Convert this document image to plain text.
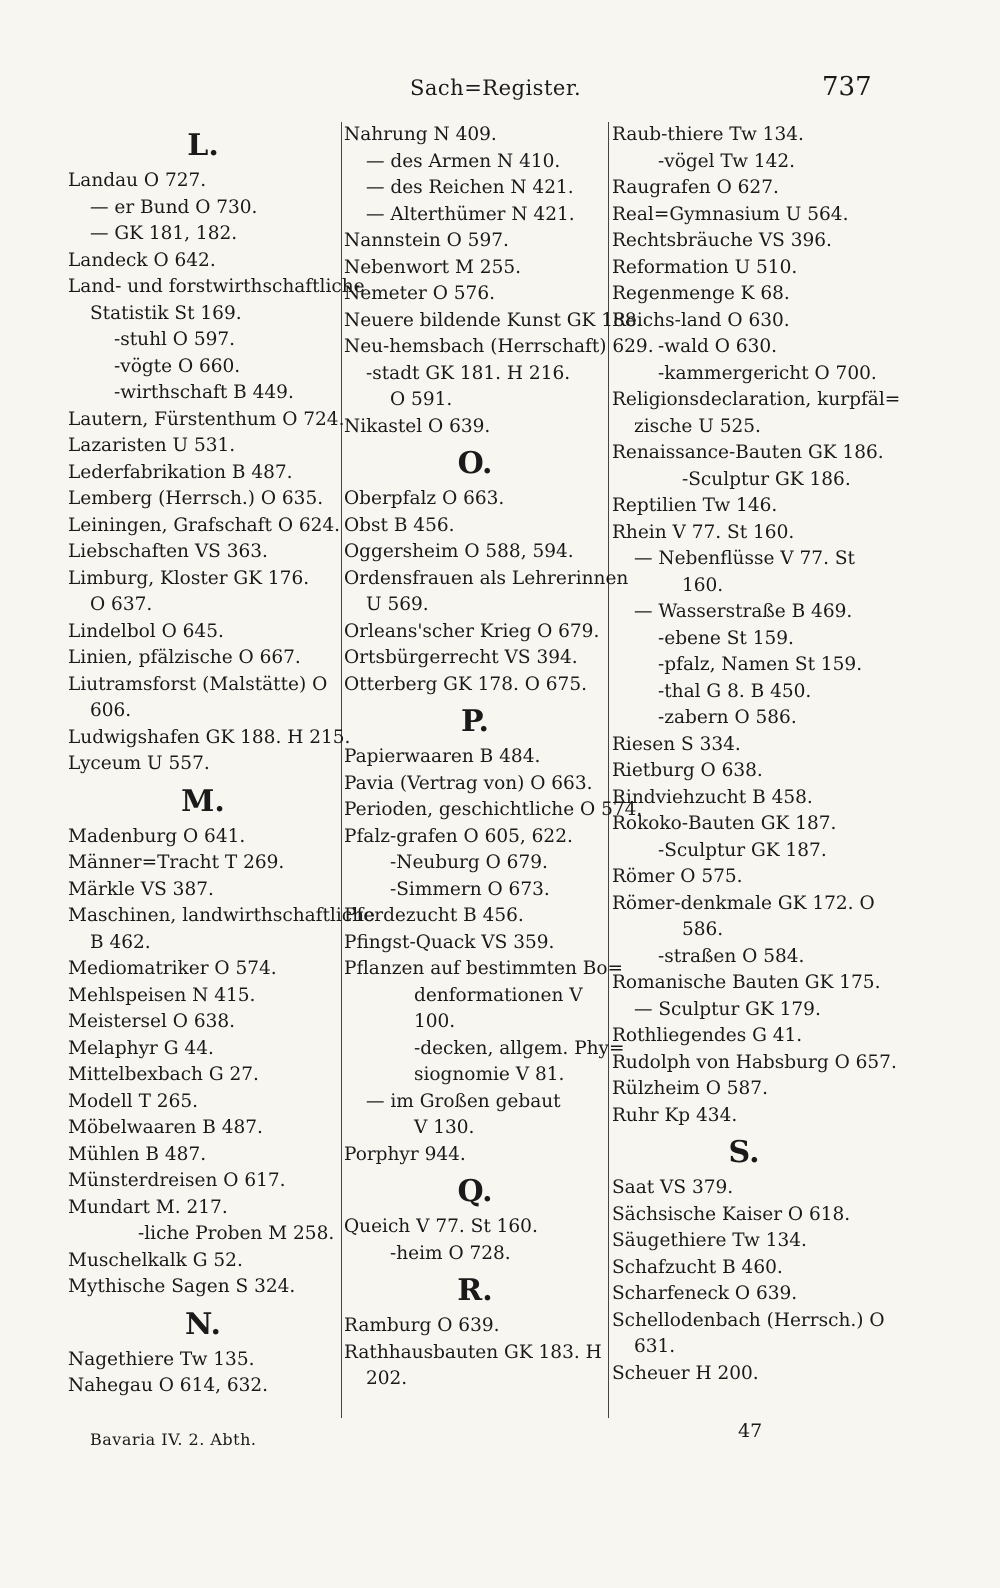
Sach=Register.	737
L.
Landau O 727.
— er Bund O 730.
— GK 181, 182.
Landeck O 642.
Land- und forstwirthschaftliche
Statistik St 169.
-stuhl O 597.
-vögte O 660.
-wirthschaft B 449.
Lautern, Fürstenthum O 724.
Lazaristen U 531.
Lederfabrikation B 487.
Lemberg (Herrsch.) O 635.
Leiningen, Grafschaft O 624.
Liebschaften VS 363.
Limburg, Kloster GK 176.
O 637.
Lindelbol O 645.
Linien, pfälzische O 667.
Liutramsforst (Malstätte) O
606.
Ludwigshafen GK 188. H 215.
Lyceum U 557.
M.
Madenburg O 641.
Männer=Tracht T 269.
Märkle VS 387.
Maschinen, landwirthschaftliche
B 462.
Mediomatriker O 574.
Mehlspeisen N 415.
Meistersel O 638.
Melaphyr G 44.
Mittelbexbach G 27.
Modell T 265.
Möbelwaaren B 487.
Mühlen B 487.
Münsterdreisen O 617.
Mundart M. 217.
-liche Proben M 258.
Muschelkalk G 52.
Mythische Sagen S 324.
N.
Nagethiere Tw 135.
Nahegau O 614, 632.
Nahrung N 409.
— des Armen N 410.
— des Reichen N 421.
— Alterthümer N 421.
Nannstein O 597.
Nebenwort M 255.
Nemeter O 576.
Neuere bildende Kunst GK 188.
Neu-hemsbach (Herrschaft) 629.
-stadt GK 181. H 216.
O 591.
Nikastel O 639.
O.
Oberpfalz O 663.
Obst B 456.
Oggersheim O 588, 594.
Ordensfrauen als Lehrerinnen
U 569.
Orleans'scher Krieg O 679.
Ortsbürgerrecht VS 394.
Otterberg GK 178. O 675.
P.
Papierwaaren B 484.
Pavia (Vertrag von) O 663.
Perioden, geschichtliche O 574.
Pfalz-grafen O 605, 622.
-Neuburg O 679.
-Simmern O 673.
Pferdezucht B 456.
Pfingst-Quack VS 359.
Pflanzen auf bestimmten Bo=
denformationen V
100.
-decken, allgem. Phy=
siognomie V 81.
— im Großen gebaut
V 130.
Porphyr 944.
Q.
Queich V 77. St 160.
-heim O 728.
R.
Ramburg O 639.
Rathhausbauten GK 183. H
202.
Raub-thiere Tw 134.
-vögel Tw 142.
Raugrafen O 627.
Real=Gymnasium U 564.
Rechtsbräuche VS 396.
Reformation U 510.
Regenmenge K 68.
Reichs-land O 630.
-wald O 630.
-kammergericht O 700.
Religionsdeclaration, kurpfäl=
zische U 525.
Renaissance-Bauten GK 186.
-Sculptur GK 186.
Reptilien Tw 146.
Rhein V 77. St 160.
— Nebenflüsse V 77. St
160.
— Wasserstraße B 469.
-ebene St 159.
-pfalz, Namen St 159.
-thal G 8. B 450.
-zabern O 586.
Riesen S 334.
Rietburg O 638.
Rindviehzucht B 458.
Rokoko-Bauten GK 187.
-Sculptur GK 187.
Römer O 575.
Römer-denkmale GK 172. O
586.
-straßen O 584.
Romanische Bauten GK 175.
— Sculptur GK 179.
Rothliegendes G 41.
Rudolph von Habsburg O 657.
Rülzheim O 587.
Ruhr Kp 434.
S.
Saat VS 379.
Sächsische Kaiser O 618.
Säugethiere Tw 134.
Schafzucht B 460.
Scharfeneck O 639.
Schellodenbach (Herrsch.) O
631.
Scheuer H 200.
Bavaria IV. 2. Abth.	47
